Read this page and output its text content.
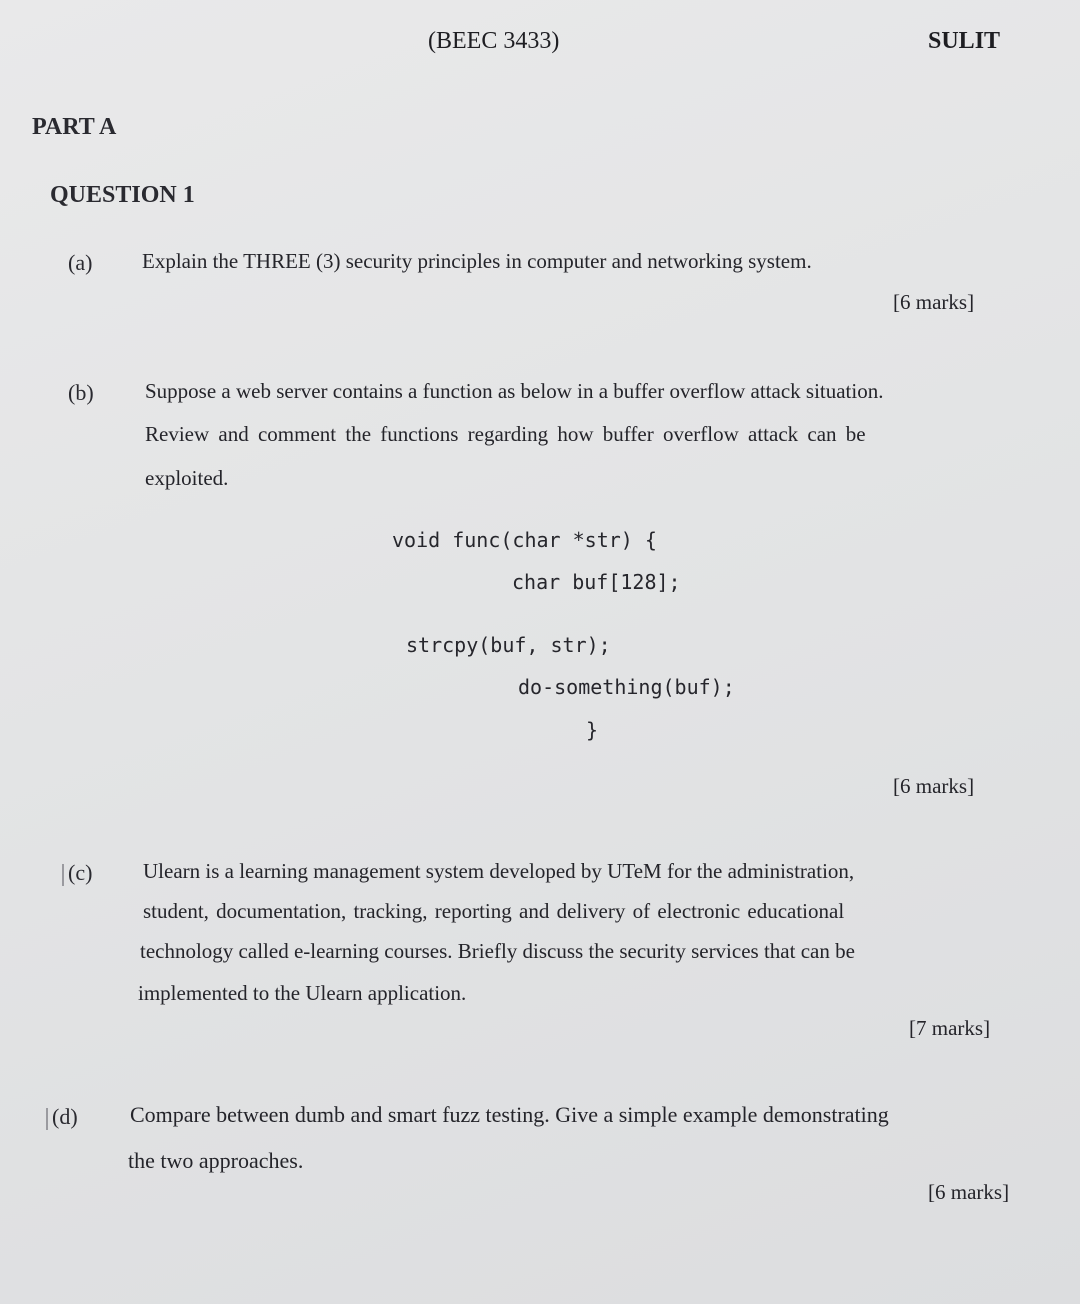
(BEEC 3433)	SULIT
PART A
QUESTION 1
(a) Explain the THREE (3) security principles in computer and networking system.
[6 marks]
(b) Suppose a web server contains a function as below in a buffer overflow attack situation.
Review and comment the functions regarding how buffer overflow attack can be
exploited.
void func(char *str) {
char buf[128];
strcpy(buf, str);
do-something(buf);
}
[6 marks]
(c) Ulearn is a learning management system developed by UTeM for the administration,
student, documentation, tracking, reporting and delivery of electronic educational
technology called e-learning courses. Briefly discuss the security services that can be
implemented to the Ulearn application.
[7 marks]
(d) Compare between dumb and smart fuzz testing. Give a simple example demonstrating
the two approaches.
[6 marks]
